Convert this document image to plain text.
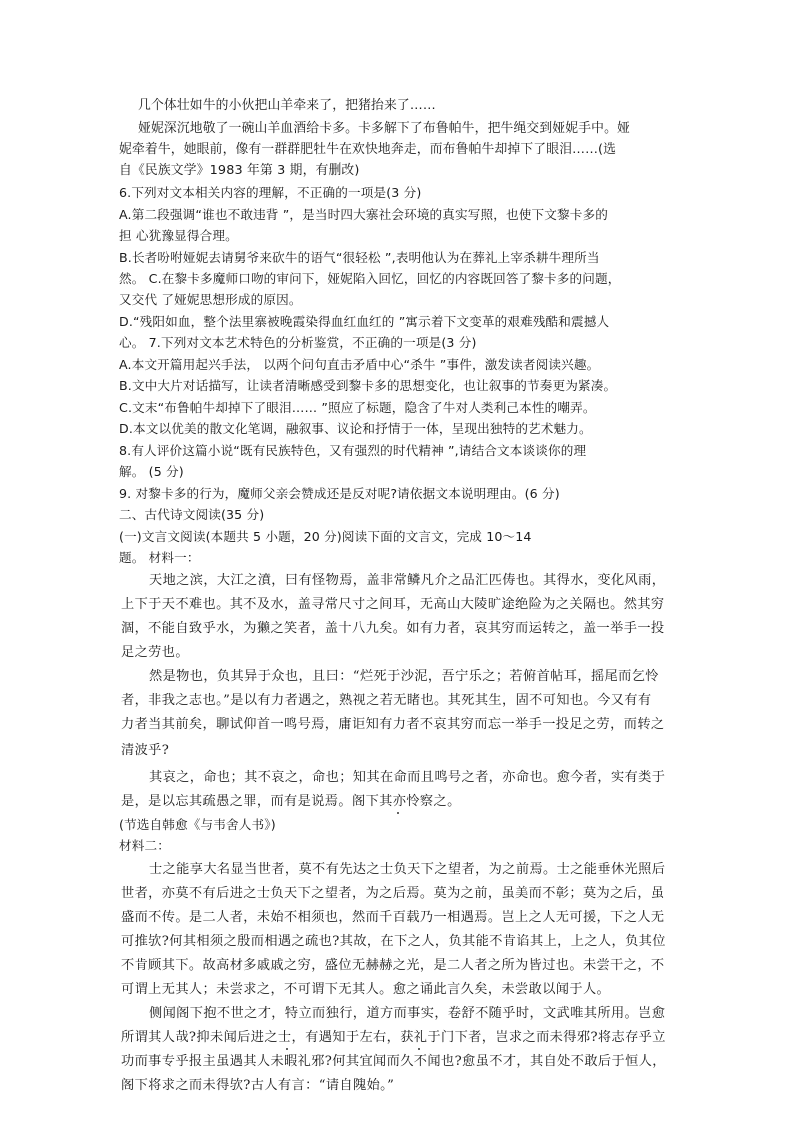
几个体壮如牛的小伙把山羊牵来了，把猪抬来了……
娅妮深沉地敬了一碗山羊血酒给卡多。卡多解下了布鲁帕牛，把牛绳交到娅妮手中。娅
妮牵着牛，她眼前，像有一群群肥牡牛在欢快地奔走，而布鲁帕牛却掉下了眼泪……(选
自《民族文学》1983 年第 3 期，有删改)
6.下列对文本相关内容的理解，不正确的一项是(3 分)
A.第二段强调“谁也不敢违背 ”，是当时四大寨社会环境的真实写照，也使下文黎卡多的
担 心犹豫显得合理。
B.长者吩咐娅妮去请舅爷来砍牛的语气“很轻松 ”,表明他认为在葬礼上宰杀耕牛理所当
然。 C.在黎卡多魔师口吻的审问下，娅妮陷入回忆，回忆的内容既回答了黎卡多的问题，
又交代 了娅妮思想形成的原因。
D.“残阳如血，整个法里寨被晚霞染得血红血红的 ”寓示着下文变革的艰难残酷和震撼人
心。 7.下列对文本艺术特色的分析鉴赏，不正确的一项是(3 分)
A.本文开篇用起兴手法， 以两个问句直击矛盾中心“杀牛 ”事件，激发读者阅读兴趣。
B.文中大片对话描写，让读者清晰感受到黎卡多的思想变化，也让叙事的节奏更为紧凑。
C.文末“布鲁帕牛却掉下了眼泪…… ”照应了标题，隐含了牛对人类利己本性的嘲弄。
D.本文以优美的散文化笔调，融叙事、议论和抒情于一体，呈现出独特的艺术魅力。
8.有人评价这篇小说“既有民族特色，又有强烈的时代精神 ”,请结合文本谈谈你的理
解。 (5 分)
9. 对黎卡多的行为，魔师父亲会赞成还是反对呢?请依据文本说明理由。(6 分)
二、古代诗文阅读(35 分)
(一)文言文阅读(本题共 5 小题，20 分)阅读下面的文言文，完成 10～14
题。 材料一：
天地之滨，大江之濆，曰有怪物焉，盖非常鳞凡介之品汇匹俦也。其得水，变化风雨，
上下于天不难也。其不及水，盖寻常尺寸之间耳，无高山大陵旷途绝险为之关隔也。然其穷
涸，不能自致乎水，为獭之笑者，盖十八九矣。如有力者，哀其穷而运转之，盖一举手一投
足之劳也。
然是物也，负其异于众也，且曰：“烂死于沙泥，吾宁乐之；若俯首帖耳，摇尾而乞怜
者，非我之志也。”是以有力者遇之，熟视之若无睹也。其死其生，固不可知也。今又有有
力者当其前矣，聊试仰首一鸣号焉，庸讵知有力者不哀其穷而忘一举手一投足之劳，而转之
清波乎?
其哀之，命也；其不哀之，命也；知其在命而且鸣号之者，亦命也。愈今者，实有类于
是，是以忘其疏愚之罪，而有是说焉。阁下其亦怜察之。
(节选自韩愈《与韦舍人书》)
材料二：
士之能享大名显当世者，莫不有先达之士负天下之望者，为之前焉。士之能垂休光照后
世者，亦莫不有后进之士负天下之望者，为之后焉。莫为之前，虽美而不彰；莫为之后，虽
盛而不传。是二人者，未始不相须也，然而千百载乃一相遇焉。岂上之人无可援，下之人无
可推欤?何其相须之殷而相遇之疏也?其故，在下之人，负其能不肯谄其上，上之人，负其位
不肯顾其下。故高材多戚戚之穷，盛位无赫赫之光，是二人者之所为皆过也。未尝干之，不
可谓上无其人；未尝求之，不可谓下无其人。愈之诵此言久矣，未尝敢以闻于人。
侧闻阁下抱不世之才，特立而独行，道方而事实，卷舒不随乎时，文武唯其所用。岂愈
所谓其人哉?抑未闻后进之士，有遇知于左右，获礼于门下者，岂求之而未得邪?将志存乎立
功而事专乎报主虽遇其人未暇礼邪?何其宜闻而久不闻也?愈虽不才，其自处不敢后于恒人，
阁下将求之而未得欤?古人有言：“请自隗始。”
